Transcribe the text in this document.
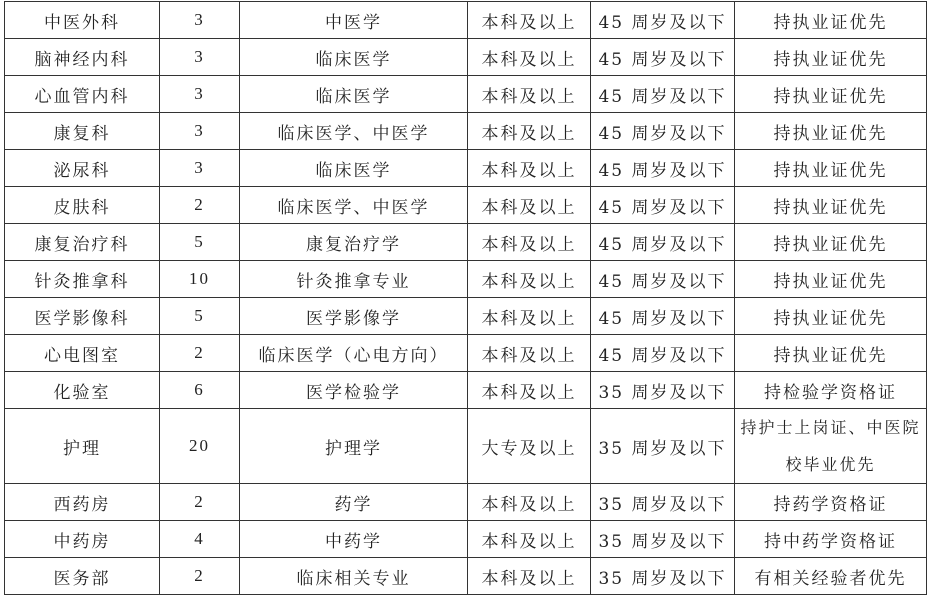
中医外科	3	中医学	本科及以上	45 周岁及以下	持执业证优先
脑神经内科	3	临床医学	本科及以上	45 周岁及以下	持执业证优先
心血管内科	3	临床医学	本科及以上	45 周岁及以下	持执业证优先
康复科	3	临床医学、中医学	本科及以上	45 周岁及以下	持执业证优先
泌尿科	3	临床医学	本科及以上	45 周岁及以下	持执业证优先
皮肤科	2	临床医学、中医学	本科及以上	45 周岁及以下	持执业证优先
康复治疗科	5	康复治疗学	本科及以上	45 周岁及以下	持执业证优先
针灸推拿科	10	针灸推拿专业	本科及以上	45 周岁及以下	持执业证优先
医学影像科	5	医学影像学	本科及以上	45 周岁及以下	持执业证优先
心电图室	2	临床医学（心电方向）	本科及以上	45 周岁及以下	持执业证优先
化验室	6	医学检验学	本科及以上	35 周岁及以下	持检验学资格证
护理	20	护理学	大专及以上	35 周岁及以下	持护士上岗证、中医院校毕业优先
西药房	2	药学	本科及以上	35 周岁及以下	持药学资格证
中药房	4	中药学	本科及以上	35 周岁及以下	持中药学资格证
医务部	2	临床相关专业	本科及以上	35 周岁及以下	有相关经验者优先
